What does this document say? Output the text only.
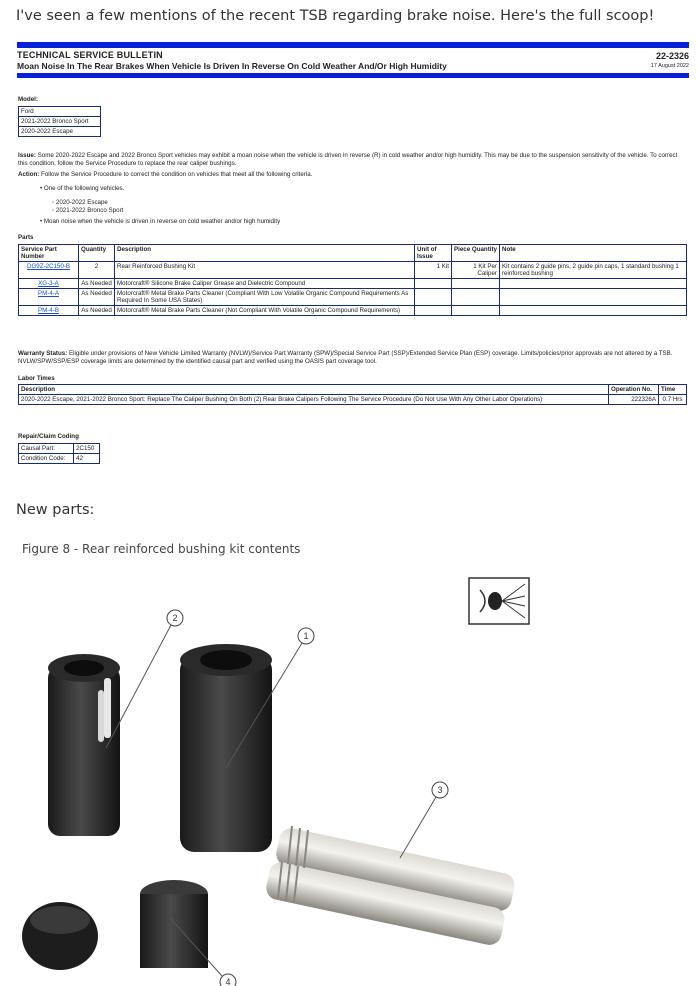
I've seen a few mentions of the recent TSB regarding brake noise. Here's the full scoop!
TECHNICAL SERVICE BULLETIN
Moan Noise In The Rear Brakes When Vehicle Is Driven In Reverse On Cold Weather And/Or High Humidity
22-2326
17 August 2022
Model:
Ford
2021-2022 Bronco Sport
2020-2022 Escape
Issue: Some 2020-2022 Escape and 2022 Bronco Sport vehicles may exhibit a moan noise when the vehicle is driven in reverse (R) in cold weather and/or high humidity. This may be due to the suspension sensitivity of the vehicle. To correct this condition, follow the Service Procedure to replace the rear caliper bushings.
Action: Follow the Service Procedure to correct the condition on vehicles that meet all the following criteria.
• One of the following vehicles.
◦ 2020-2022 Escape
◦ 2021-2022 Bronco Sport
• Moan noise when the vehicle is driven in reverse on cold weather and/or high humidity
Parts
Service Part Number	Quantity	Description	Unit of Issue	Piece Quantity	Note
DG9Z-2C150-B	2	Rear Reinforced Bushing Kit	1 Kit	1 Kit Per Caliper	Kit contains 2 guide pins, 2 guide pin caps, 1 standard bushing 1 reinforced bushing
XG-3-A	As Needed	Motorcraft® Silicone Brake Caliper Grease and Dielectric Compound			
PM-4-A	As Needed	Motorcraft® Metal Brake Parts Cleaner (Compliant With Low Volatile Organic Compound Requirements As Required In Some USA States)			
PM-4-B	As Needed	Motorcraft® Metal Brake Parts Cleaner (Not Compliant With Volatile Organic Compound Requirements)			
Warranty Status: Eligible under provisions of New Vehicle Limited Warranty (NVLW)/Service Part Warranty (SPW)/Special Service Part (SSP)/Extended Service Plan (ESP) coverage. Limits/policies/prior approvals are not altered by a TSB. NVLW/SPW/SSP/ESP coverage limits are determined by the identified causal part and verified using the OASIS part coverage tool.
Labor Times
Description	Operation No.	Time
2020-2022 Escape, 2021-2022 Bronco Sport: Replace The Caliper Bushing On Both (2) Rear Brake Calipers Following The Service Procedure (Do Not Use With Any Other Labor Operations)	222326A	0.7 Hrs
Repair/Claim Coding
Causal Part:	2C150
Condition Code:	42
New parts:
Figure 8 - Rear reinforced bushing kit contents
2
1
3
4
